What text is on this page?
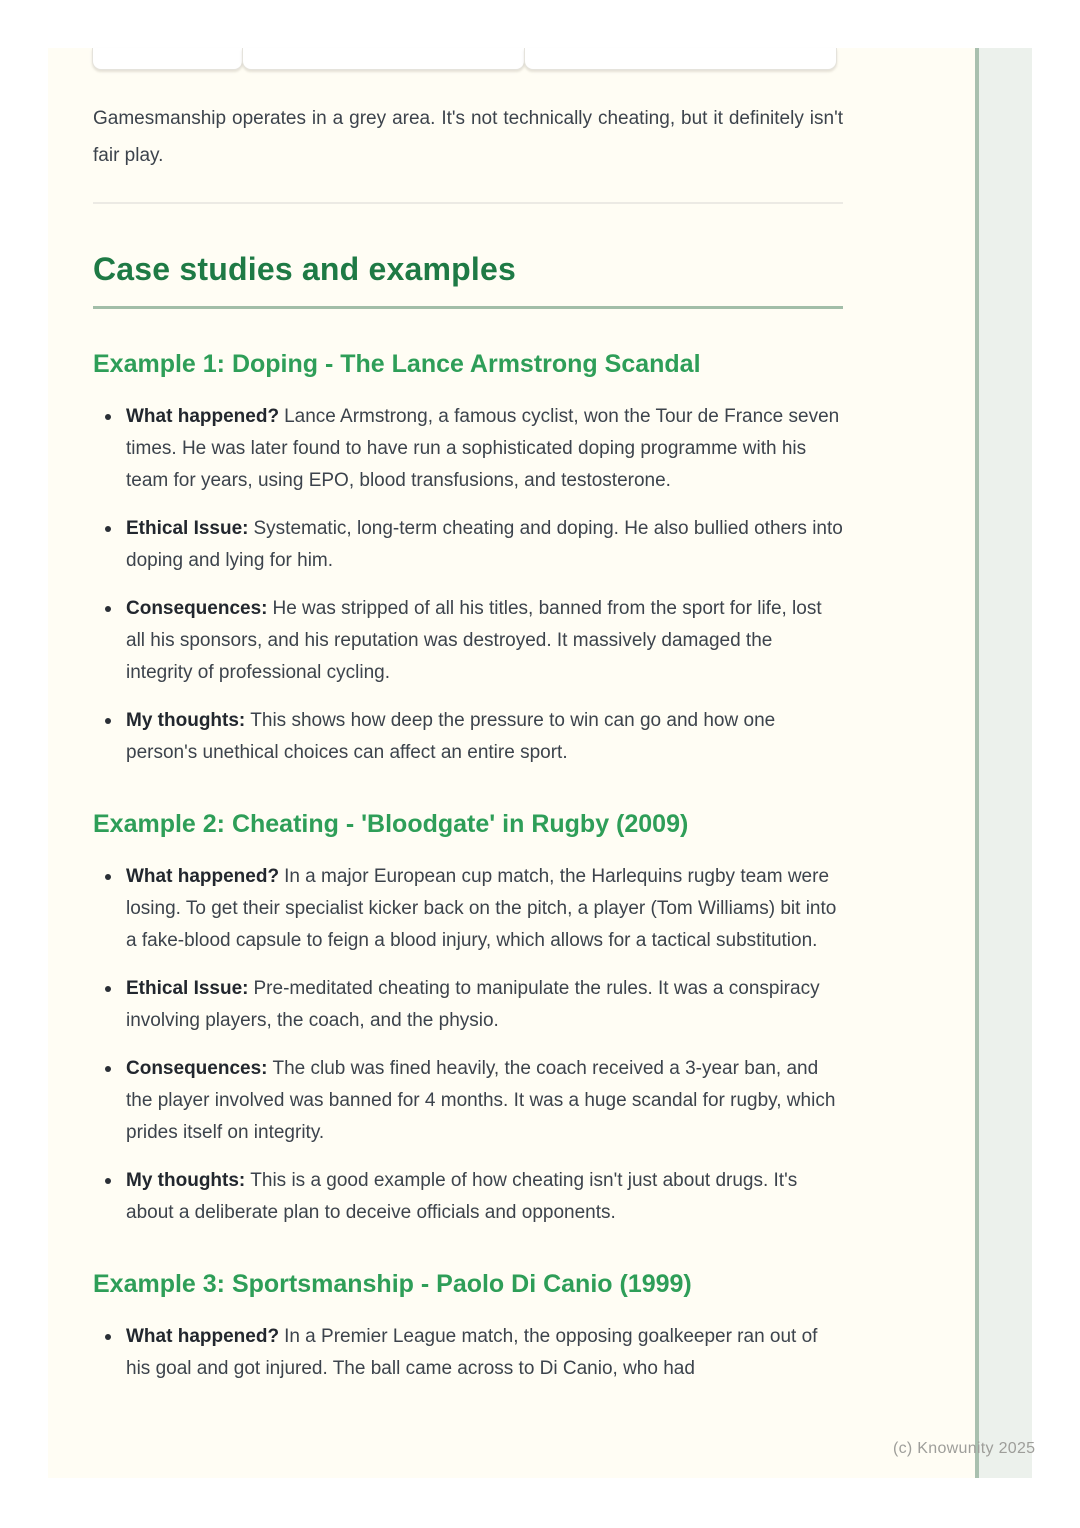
Gamesmanship operates in a grey area. It's not technically cheating, but it definitely isn't fair play.

Case studies and examples
Example 1: Doping - The Lance Armstrong Scandal
What happened? Lance Armstrong, a famous cyclist, won the Tour de France seven times. He was later found to have run a sophisticated doping programme with his team for years, using EPO, blood transfusions, and testosterone.
Ethical Issue: Systematic, long-term cheating and doping. He also bullied others into doping and lying for him.
Consequences: He was stripped of all his titles, banned from the sport for life, lost all his sponsors, and his reputation was destroyed. It massively damaged the integrity of professional cycling.
My thoughts: This shows how deep the pressure to win can go and how one person's unethical choices can affect an entire sport.
Example 2: Cheating - 'Bloodgate' in Rugby (2009)
What happened? In a major European cup match, the Harlequins rugby team were losing. To get their specialist kicker back on the pitch, a player (Tom Williams) bit into a fake-blood capsule to feign a blood injury, which allows for a tactical substitution.
Ethical Issue: Pre-meditated cheating to manipulate the rules. It was a conspiracy involving players, the coach, and the physio.
Consequences: The club was fined heavily, the coach received a 3-year ban, and the player involved was banned for 4 months. It was a huge scandal for rugby, which prides itself on integrity.
My thoughts: This is a good example of how cheating isn't just about drugs. It's about a deliberate plan to deceive officials and opponents.
Example 3: Sportsmanship - Paolo Di Canio (1999)
What happened? In a Premier League match, the opposing goalkeeper ran out of his goal and got injured. The ball came across to Di Canio, who had
(c) Knowunity 2025
